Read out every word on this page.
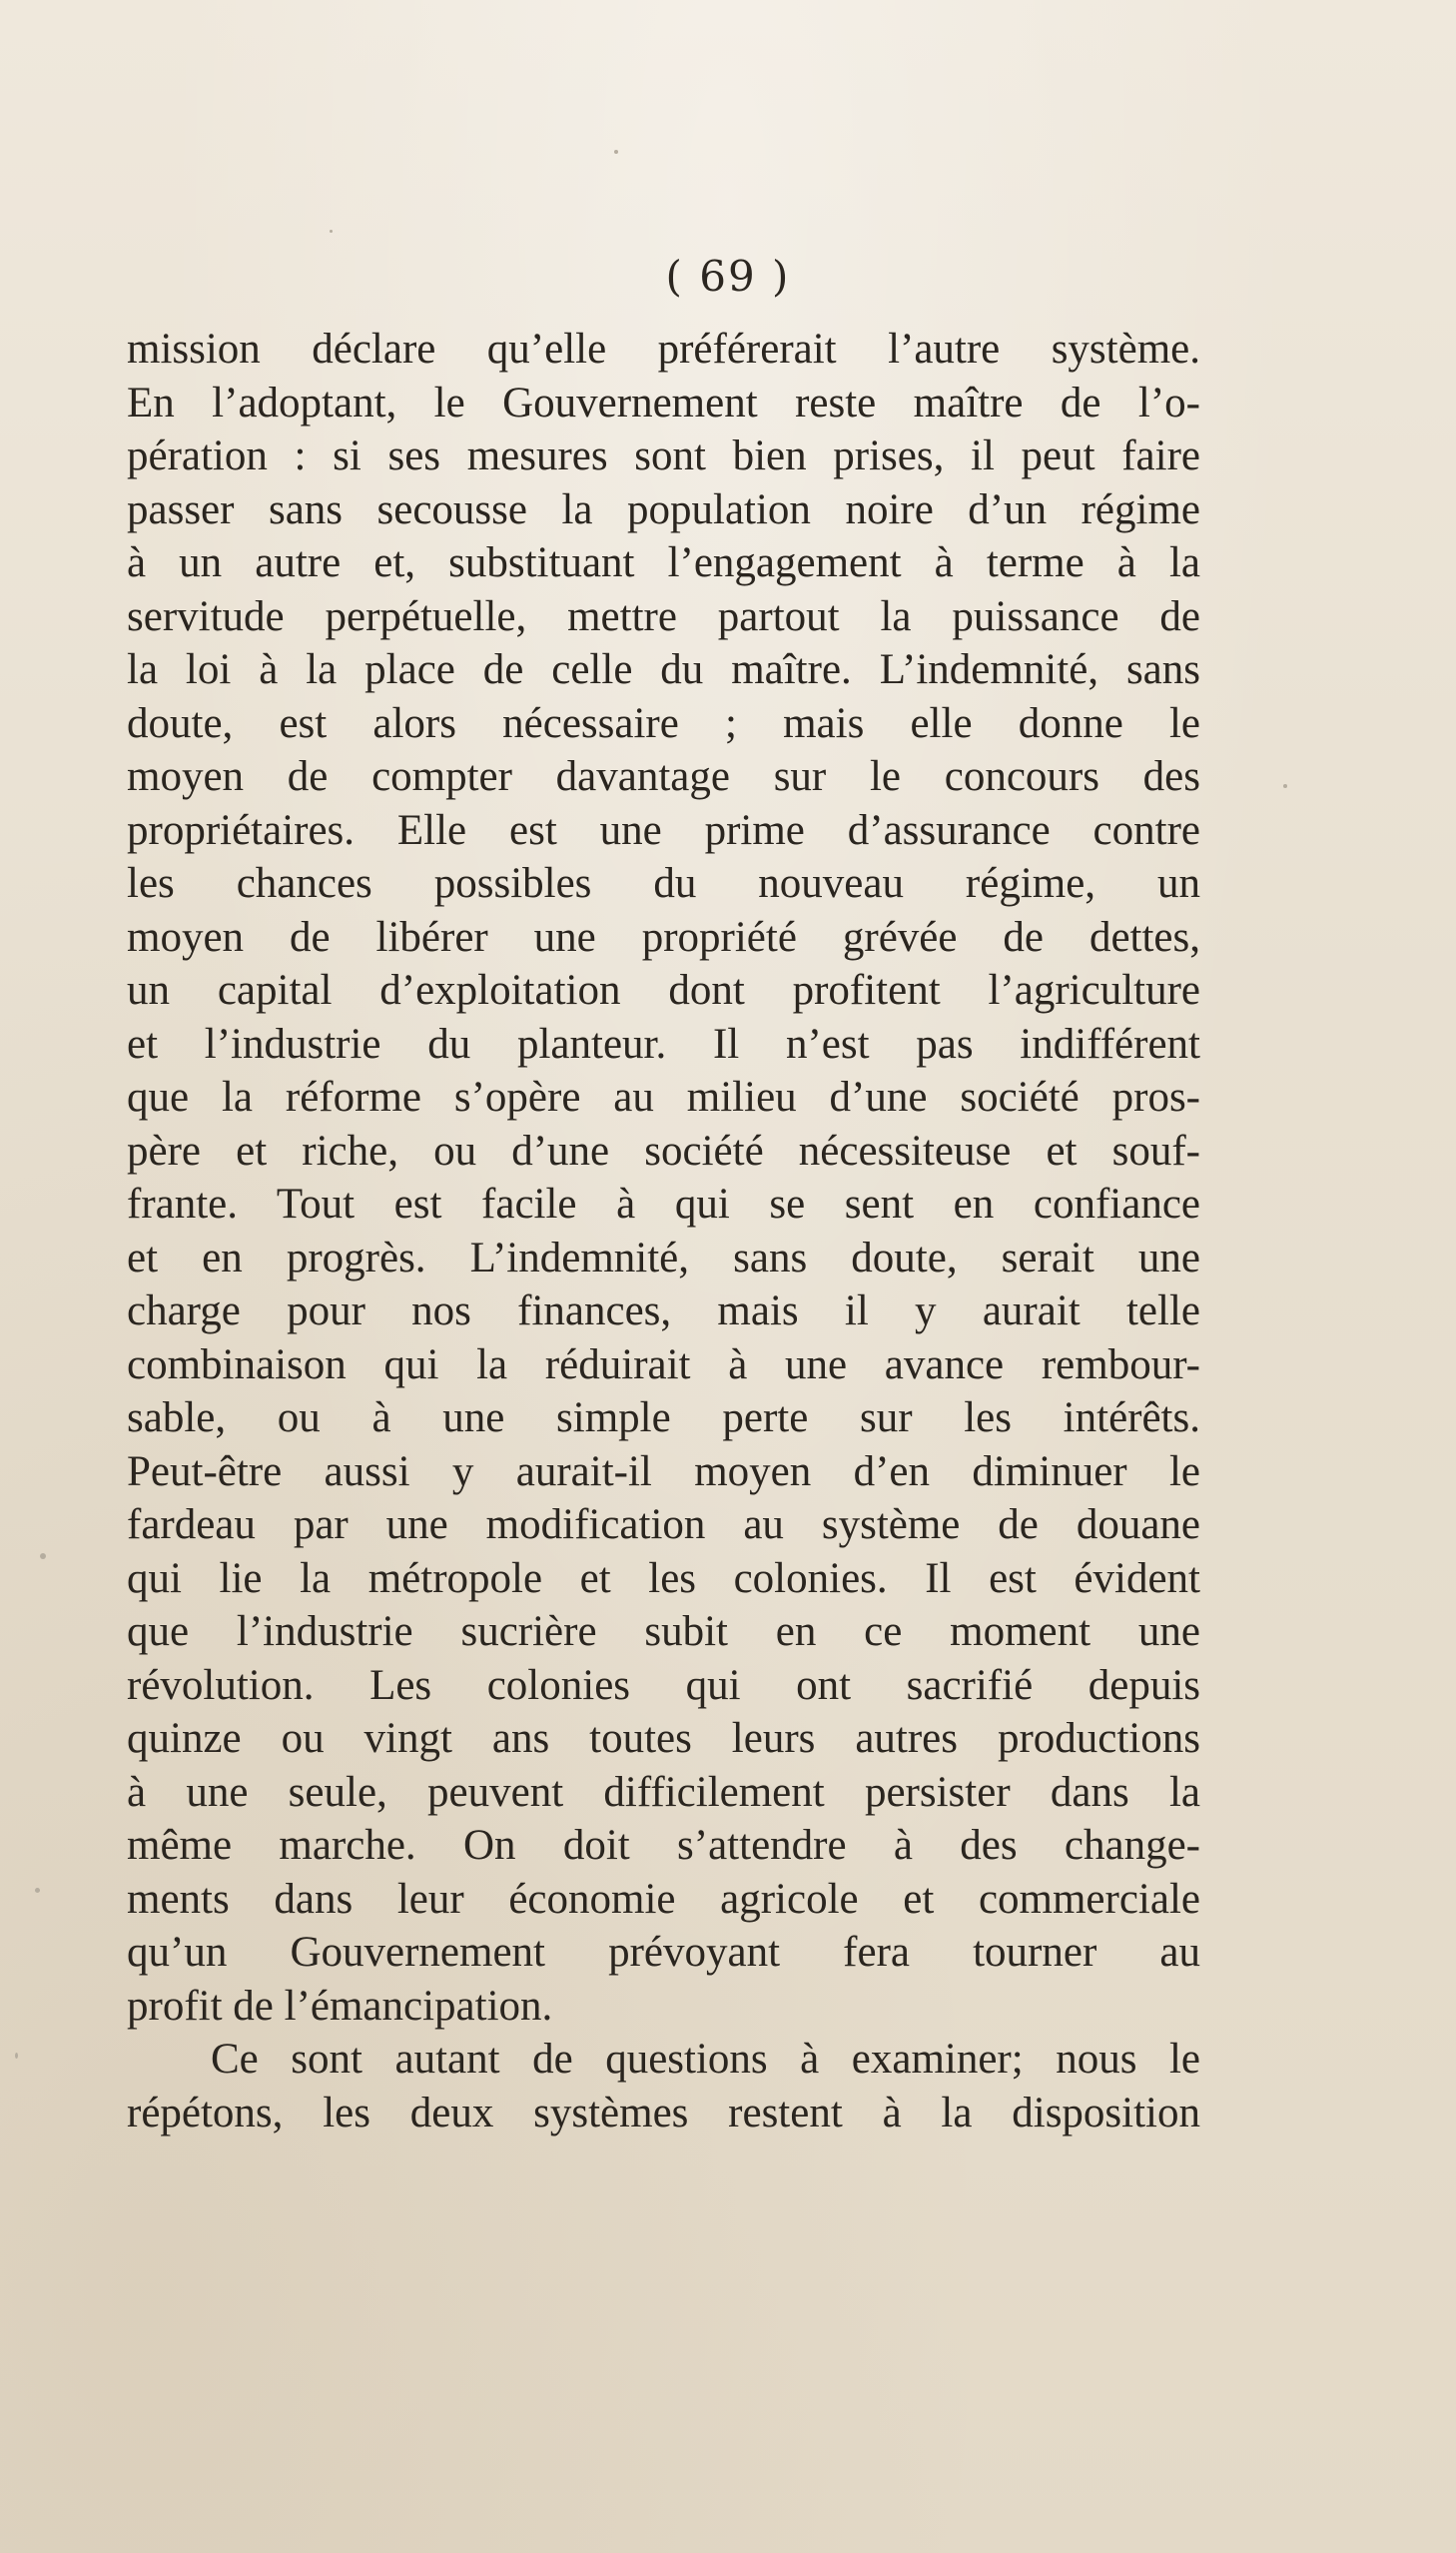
( 69 )
mission déclare qu’elle préférerait l’autre système.
En l’adoptant, le Gouvernement reste maître de l’o-
pération : si ses mesures sont bien prises, il peut faire
passer sans secousse la population noire d’un régime
à un autre et, substituant l’engagement à terme à la
servitude perpétuelle, mettre partout la puissance de
la loi à la place de celle du maître. L’indemnité, sans
doute, est alors nécessaire ; mais elle donne le
moyen de compter davantage sur le concours des
propriétaires. Elle est une prime d’assurance contre
les chances possibles du nouveau régime, un
moyen de libérer une propriété grévée de dettes,
un capital d’exploitation dont profitent l’agriculture
et l’industrie du planteur. Il n’est pas indifférent
que la réforme s’opère au milieu d’une société pros-
père et riche, ou d’une société nécessiteuse et souf-
frante. Tout est facile à qui se sent en confiance
et en progrès. L’indemnité, sans doute, serait une
charge pour nos finances, mais il y aurait telle
combinaison qui la réduirait à une avance rembour-
sable, ou à une simple perte sur les intérêts.
Peut-être aussi y aurait-il moyen d’en diminuer le
fardeau par une modification au système de douane
qui lie la métropole et les colonies. Il est évident
que l’industrie sucrière subit en ce moment une
révolution. Les colonies qui ont sacrifié depuis
quinze ou vingt ans toutes leurs autres productions
à une seule, peuvent difficilement persister dans la
même marche. On doit s’attendre à des change-
ments dans leur économie agricole et commerciale
qu’un Gouvernement prévoyant fera tourner au
profit de l’émancipation.
Ce sont autant de questions à examiner; nous le
répétons, les deux systèmes restent à la disposition
